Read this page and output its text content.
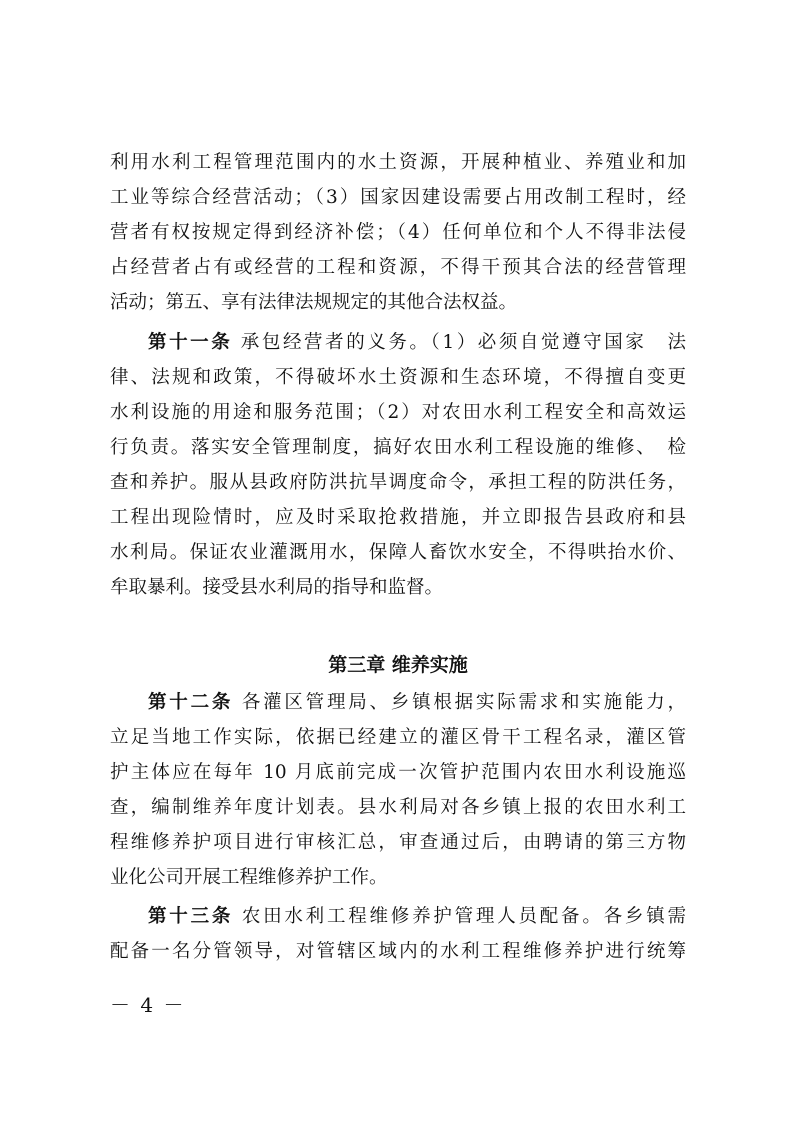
利用水利工程管理范围内的水土资源，开展种植业、养殖业和加
工业等综合经营活动；（3）国家因建设需要占用改制工程时，经
营者有权按规定得到经济补偿；（4）任何单位和个人不得非法侵
占经营者占有或经营的工程和资源，不得干预其合法的经营管理
活动；第五、享有法律法规规定的其他合法权益。
第十一条 承包经营者的义务。（1）必须自觉遵守国家　法
律、法规和政策，不得破坏水土资源和生态环境，不得擅自变更
水利设施的用途和服务范围；（2）对农田水利工程安全和高效运
行负责。落实安全管理制度，搞好农田水利工程设施的维修、　检
查和养护。服从县政府防洪抗旱调度命令，承担工程的防洪任务，
工程出现险情时，应及时采取抢救措施，并立即报告县政府和县
水利局。保证农业灌溉用水，保障人畜饮水安全，不得哄抬水价、
牟取暴利。接受县水利局的指导和监督。
第三章 维养实施
第十二条 各灌区管理局、乡镇根据实际需求和实施能力，
立足当地工作实际，依据已经建立的灌区骨干工程名录，灌区管
护主体应在每年 10 月底前完成一次管护范围内农田水利设施巡
查，编制维养年度计划表。县水利局对各乡镇上报的农田水利工
程维修养护项目进行审核汇总，审查通过后，由聘请的第三方物
业化公司开展工程维修养护工作。
第十三条 农田水利工程维修养护管理人员配备。各乡镇需
配备一名分管领导，对管辖区域内的水利工程维修养护进行统筹
－ 4 －
